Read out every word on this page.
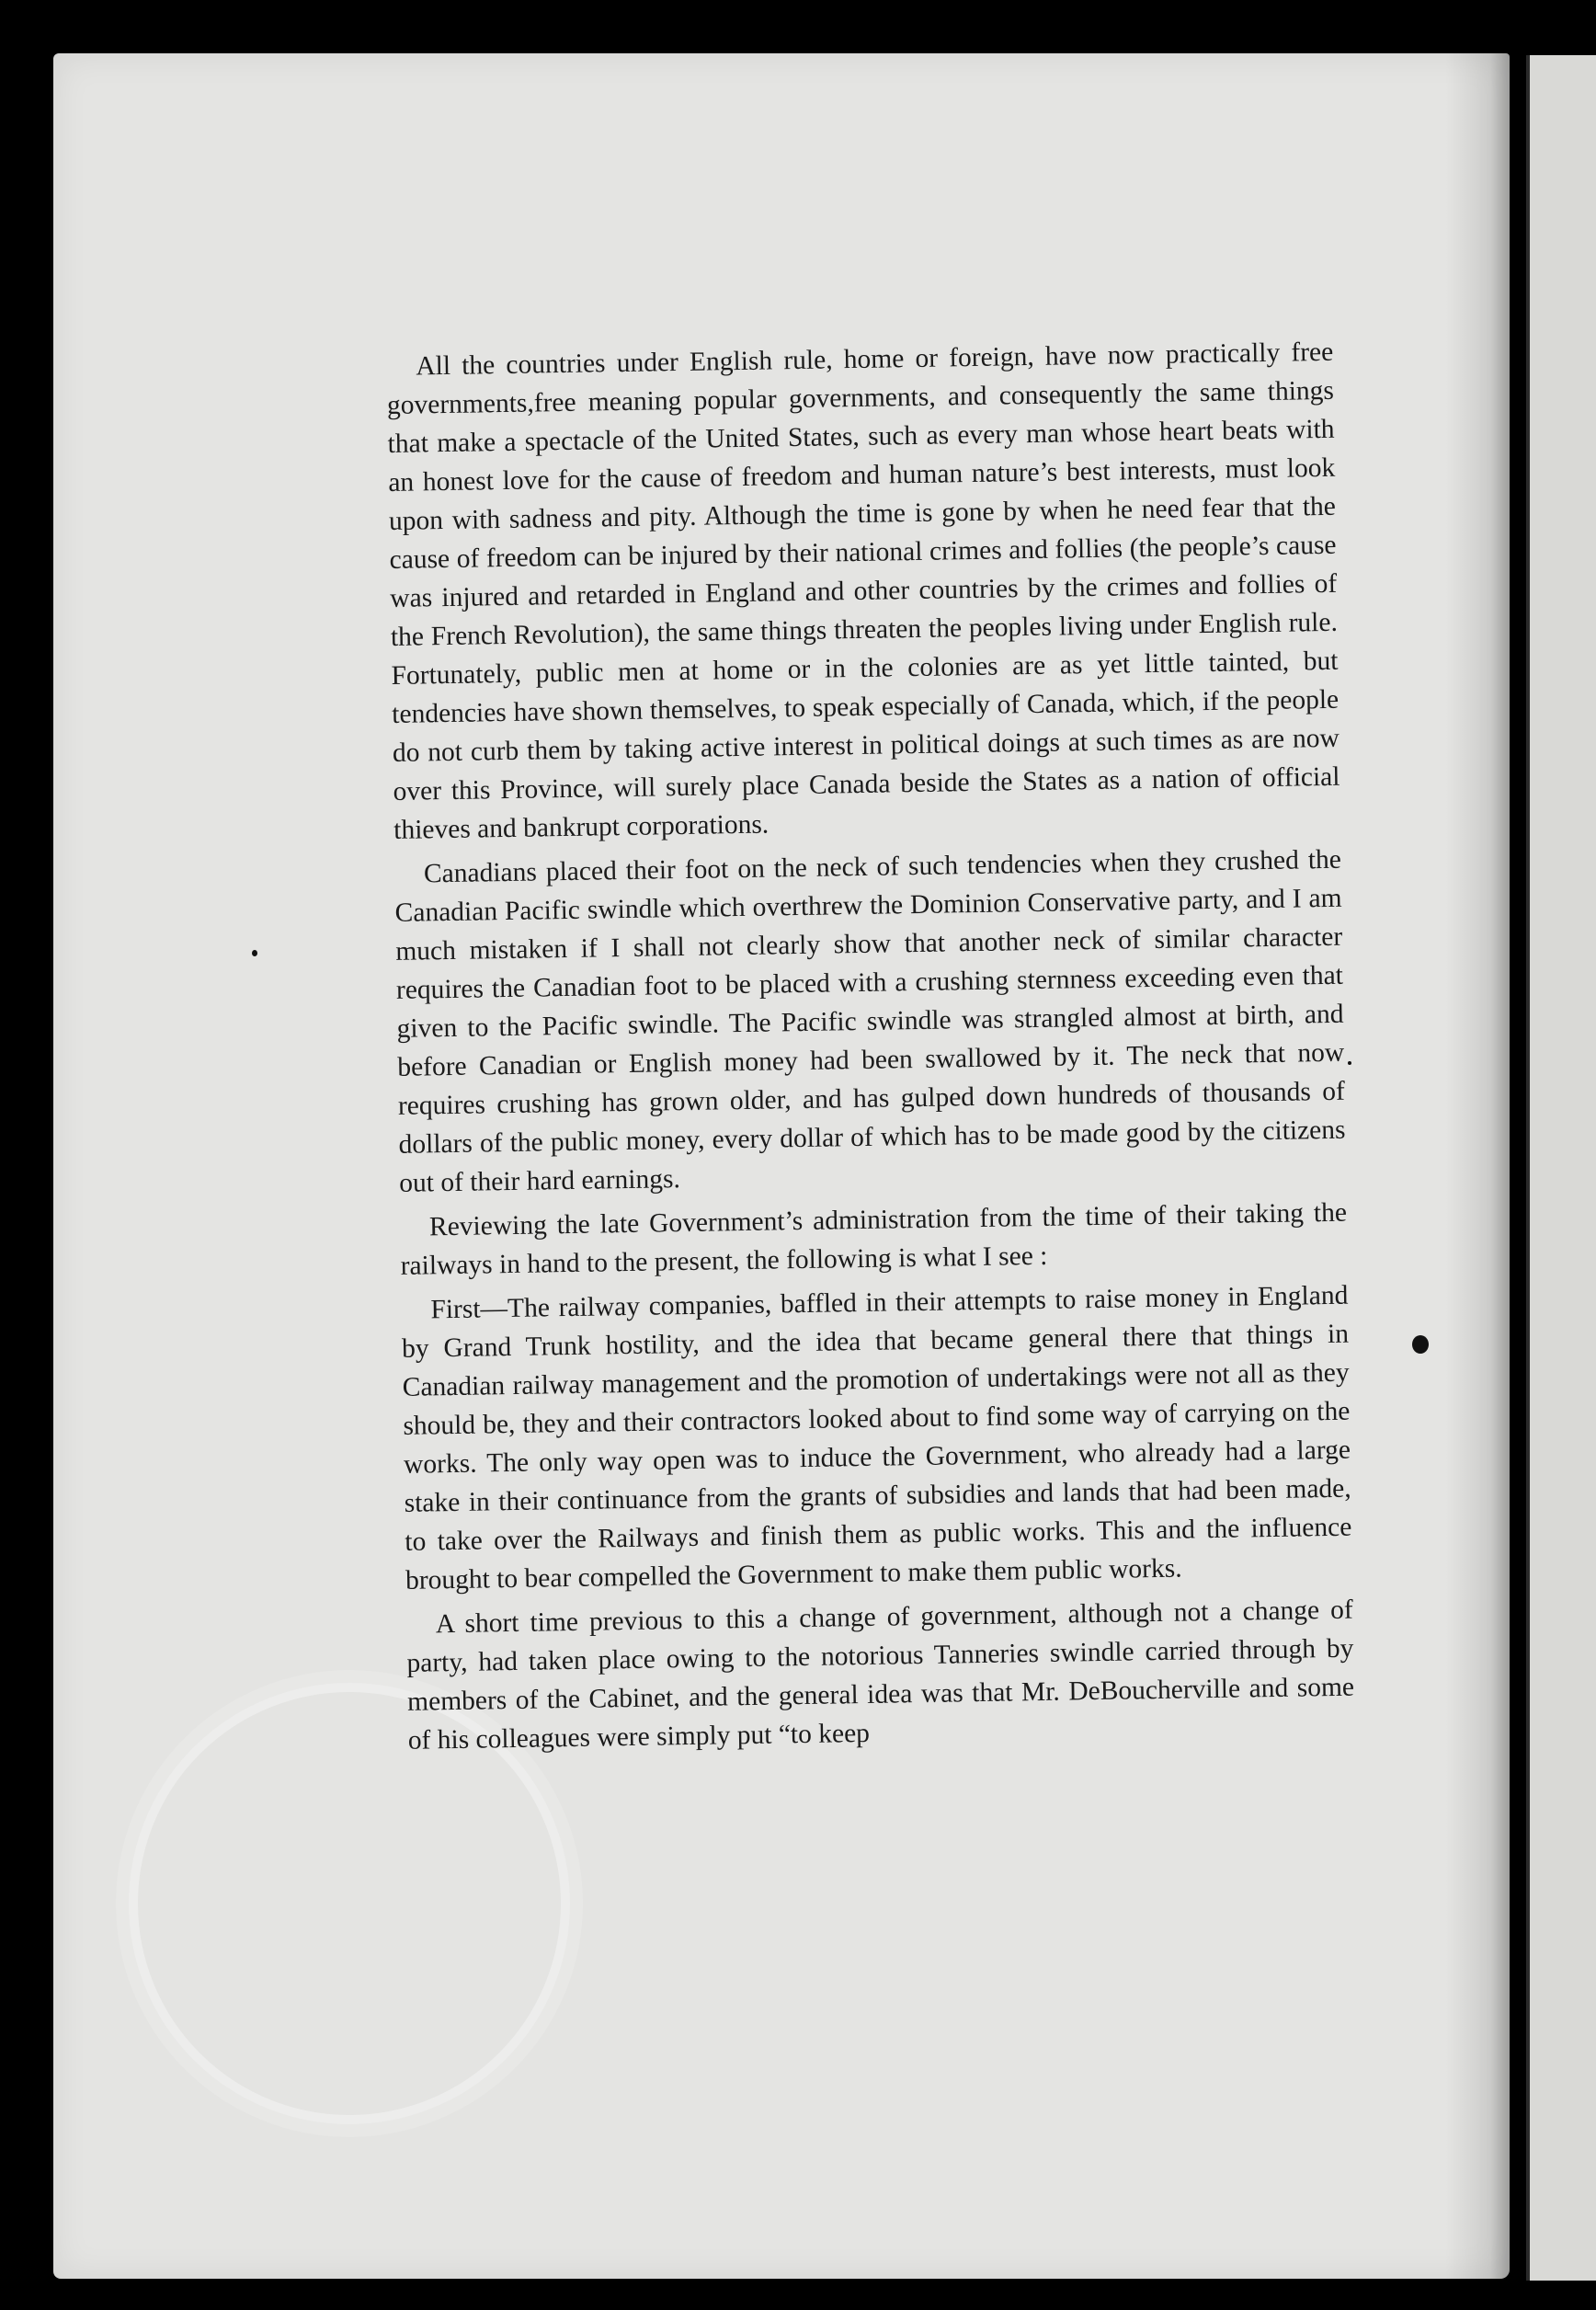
All the countries under English rule, home or foreign, have now practically free governments,free meaning popular governments, and consequently the same things that make a spectacle of the United States, such as every man whose heart beats with an honest love for the cause of freedom and human nature’s best interests, must look upon with sadness and pity. Although the time is gone by when he need fear that the cause of freedom can be injured by their national crimes and follies (the people’s cause was injured and retarded in England and other countries by the crimes and follies of the French Revolution), the same things threaten the peoples living under English rule. Fortunately, public men at home or in the colonies are as yet little tainted, but tendencies have shown themselves, to speak especially of Canada, which, if the people do not curb them by taking active interest in political doings at such times as are now over this Province, will surely place Canada beside the States as a nation of official thieves and bankrupt corporations.

Canadians placed their foot on the neck of such tendencies when they crushed the Canadian Pacific swindle which overthrew the Dominion Conservative party, and I am much mistaken if I shall not clearly show that another neck of similar character requires the Canadian foot to be placed with a crushing sternness exceeding even that given to the Pacific swindle. The Pacific swindle was strangled almost at birth, and before Canadian or English money had been swallowed by it. The neck that now requires crushing has grown older, and has gulped down hundreds of thousands of dollars of the public money, every dollar of which has to be made good by the citizens out of their hard earnings.

Reviewing the late Government’s administration from the time of their taking the railways in hand to the present, the following is what I see :

First—The railway companies, baffled in their attempts to raise money in England by Grand Trunk hostility, and the idea that became general there that things in Canadian railway management and the promotion of undertakings were not all as they should be, they and their contractors looked about to find some way of carrying on the works. The only way open was to induce the Government, who already had a large stake in their continuance from the grants of subsidies and lands that had been made, to take over the Railways and finish them as public works. This and the influence brought to bear compelled the Government to make them public works.

A short time previous to this a change of government, although not a change of party, had taken place owing to the notorious Tanneries swindle carried through by members of the Cabinet, and the general idea was that Mr. DeBoucherville and some of his colleagues were simply put “to keep
